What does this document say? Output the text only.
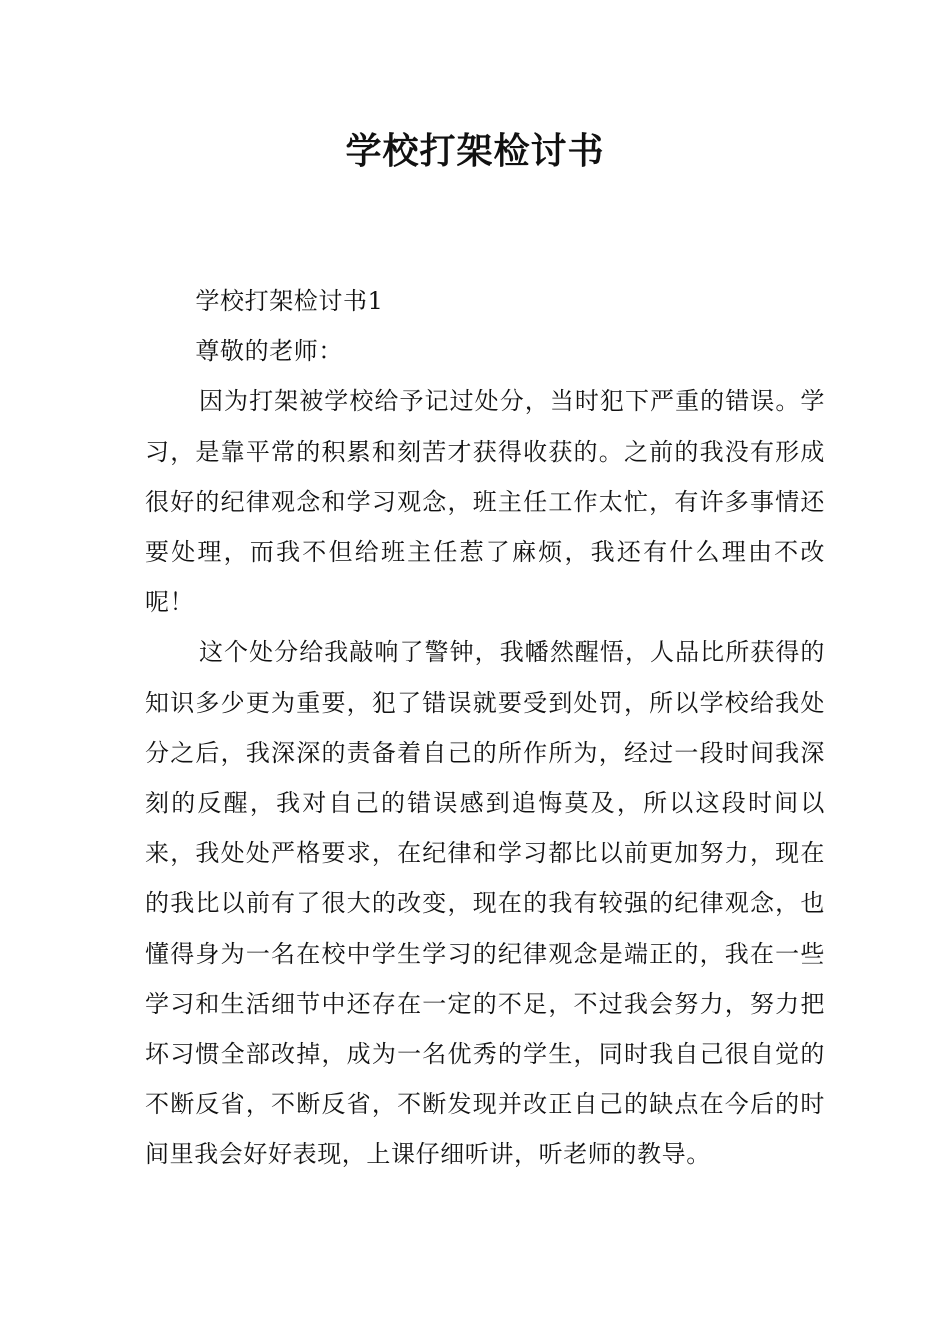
学校打架检讨书

学校打架检讨书1

尊敬的老师：

因为打架被学校给予记过处分，当时犯下严重的错误。学习，是靠平常的积累和刻苦才获得收获的。之前的我没有形成很好的纪律观念和学习观念，班主任工作太忙，有许多事情还要处理，而我不但给班主任惹了麻烦，我还有什么理由不改呢！

这个处分给我敲响了警钟，我幡然醒悟，人品比所获得的知识多少更为重要，犯了错误就要受到处罚，所以学校给我处分之后，我深深的责备着自己的所作所为，经过一段时间我深刻的反醒，我对自己的错误感到追悔莫及，所以这段时间以来，我处处严格要求，在纪律和学习都比以前更加努力，现在的我比以前有了很大的改变，现在的我有较强的纪律观念，也懂得身为一名在校中学生学习的纪律观念是端正的，我在一些学习和生活细节中还存在一定的不足，不过我会努力，努力把坏习惯全部改掉，成为一名优秀的学生，同时我自己很自觉的不断反省，不断反省，不断发现并改正自己的缺点在今后的时间里我会好好表现，上课仔细听讲，听老师的教导。
